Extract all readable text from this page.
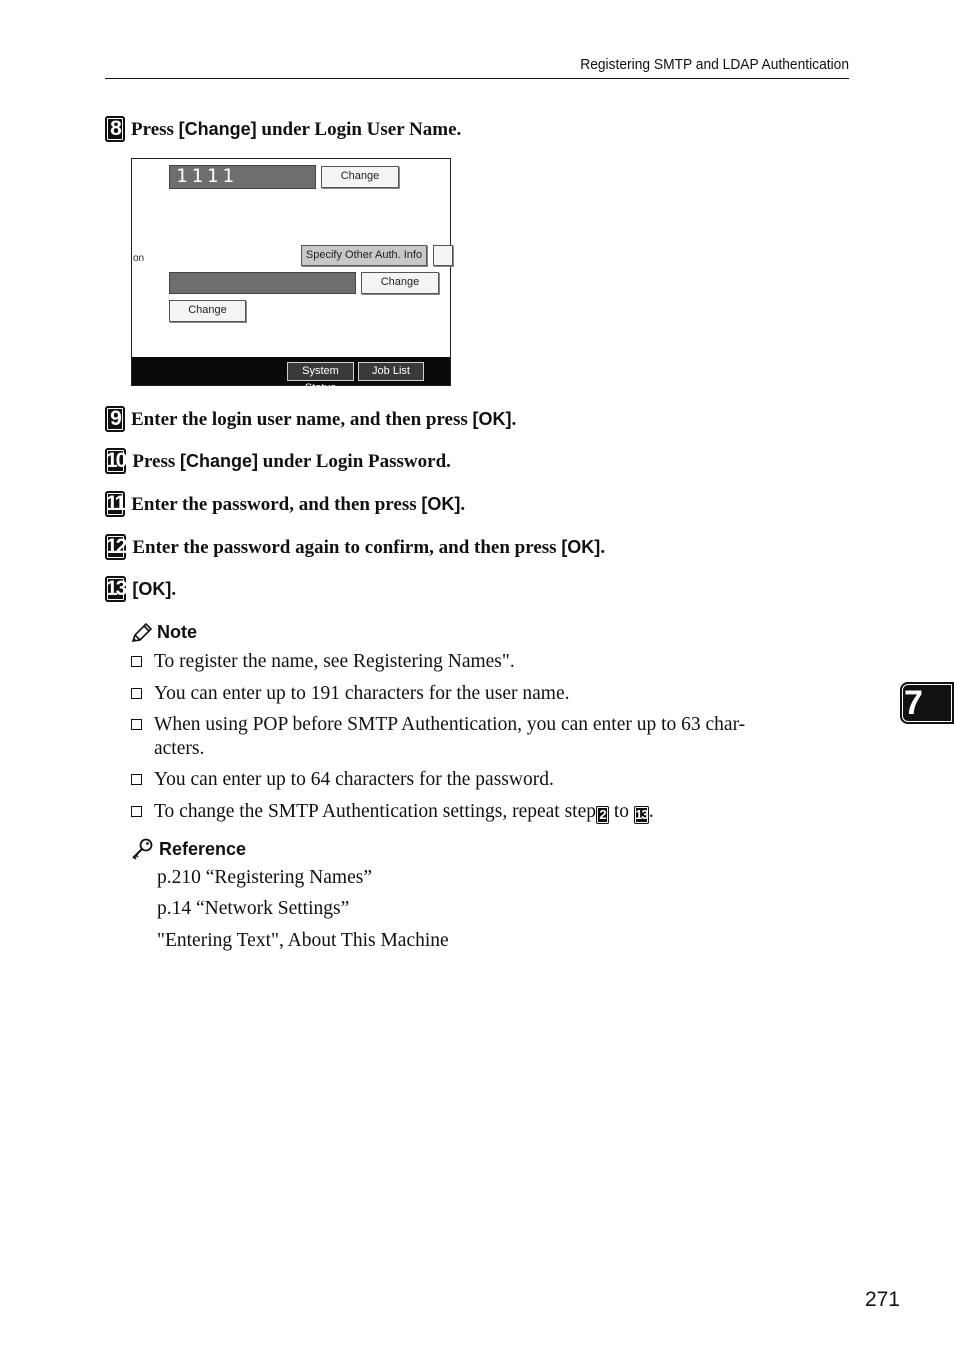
Registering SMTP and LDAP Authentication
8 Press [Change] under Login User Name.
1111	Change
on	Specify Other Auth. Info
Change
Change
System Status
Job List
9 Enter the login user name, and then press [OK].
10 Press [Change] under Login Password.
11 Enter the password, and then press [OK].
12 Enter the password again to confirm, and then press [OK].
13 [OK].
Note
To register the name, see Registering Names".
You can enter up to 191 characters for the user name.
When using POP before SMTP Authentication, you can enter up to 63 char-
acters.
You can enter up to 64 characters for the password.
To change the SMTP Authentication settings, repeat step 2 to 13.
Reference
p.210 “Registering Names”
p.14 “Network Settings”
"Entering Text", About This Machine
7
271
